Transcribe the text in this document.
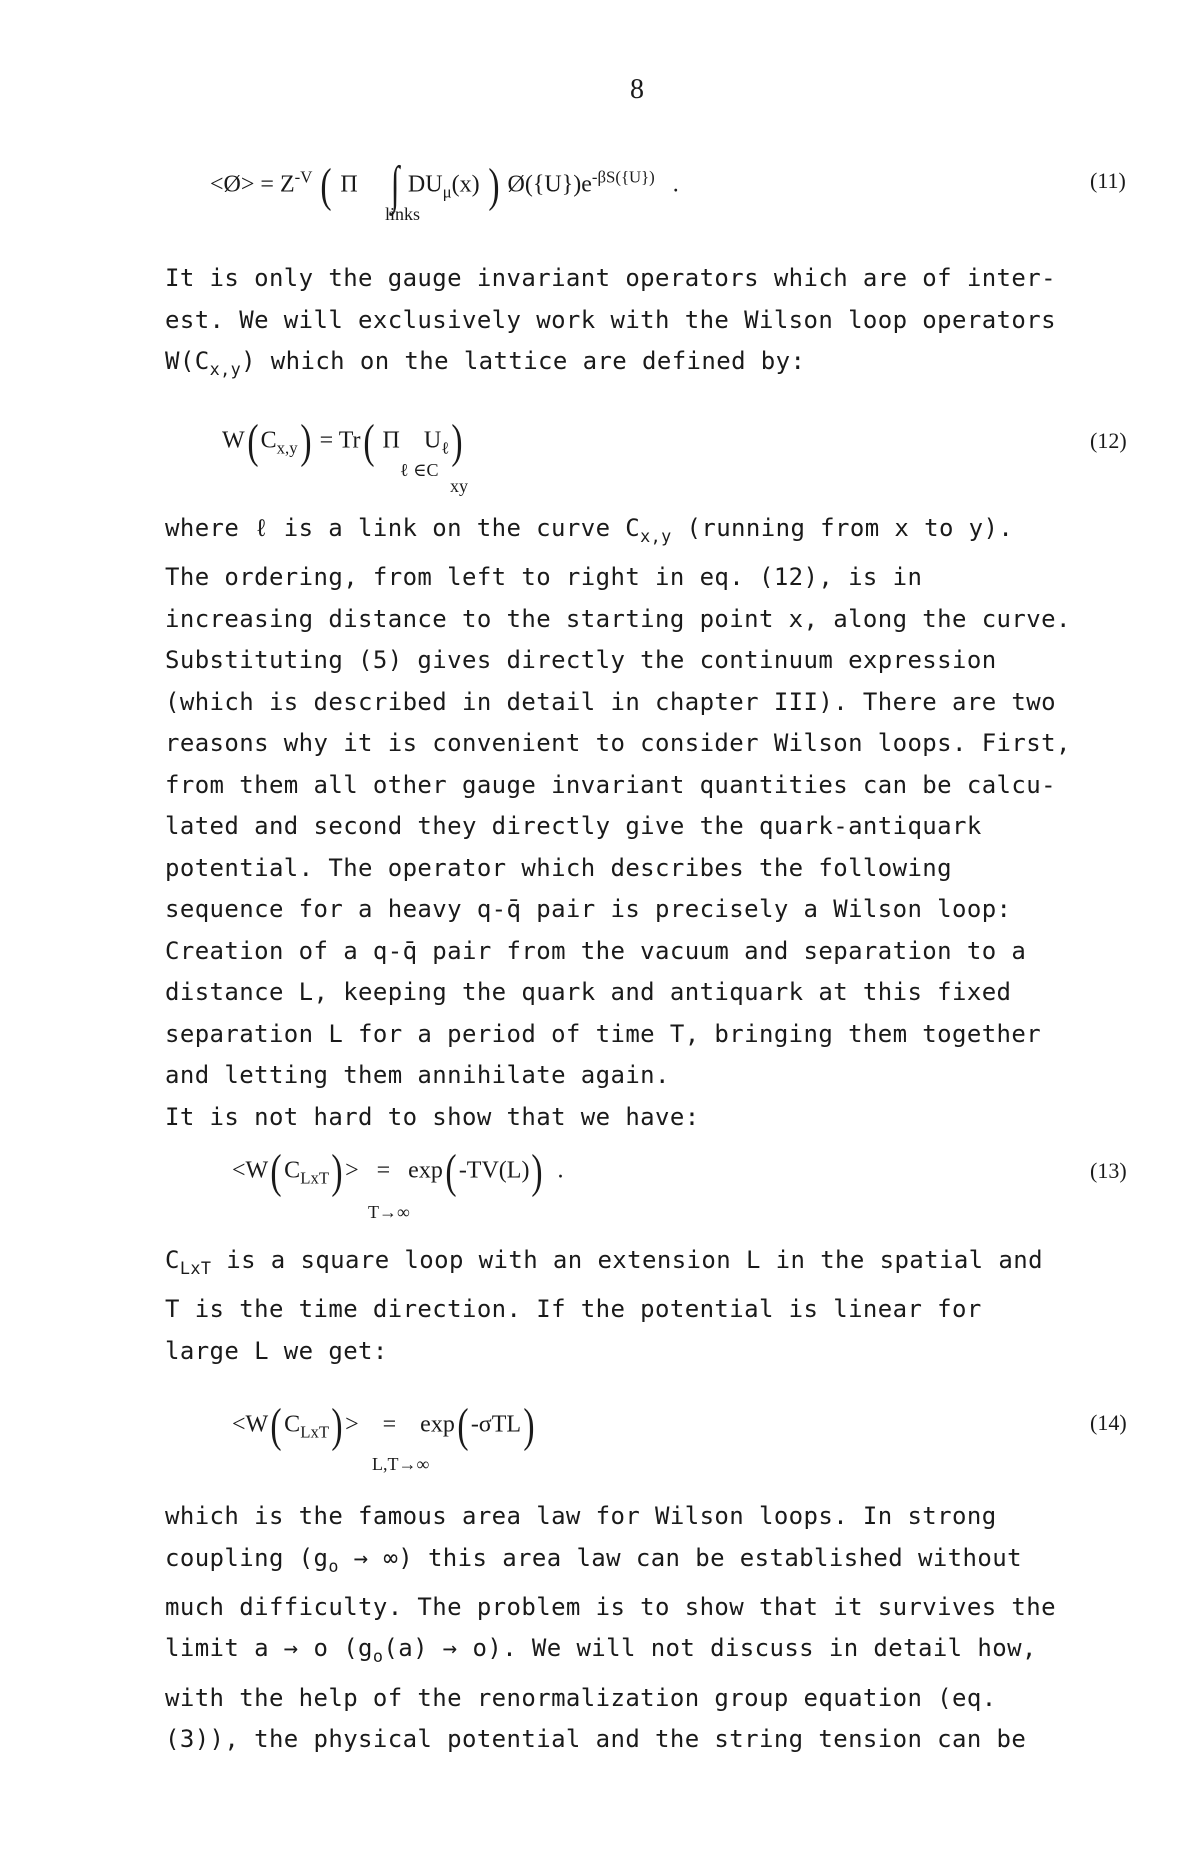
8
<Ø> = $Z^{-V}$ ( Π ∫ $DU_\mu(x)$ ) $Ø(\{U\})e^{-\beta S(\{U\})}$ .
links
(11)

It is only the gauge invariant operators which are of inter-

est. We will exclusively work with the Wilson loop operators

$W(C_{x,y})$ which on the lattice are defined by:

$W(C_{x,y}) = Tr$( Π $U_\ell$)
ℓ ∈C
xy
(12)

where ℓ is a link on the curve $C_{x,y}$ (running from x to y).

The ordering, from left to right in eq. (12), is in

increasing distance to the starting point x, along the curve.

Substituting (5) gives directly the continuum expression

(which is described in detail in chapter III). There are two

reasons why it is convenient to consider Wilson loops. First,

from them all other gauge invariant quantities can be calcu-

lated and second they directly give the quark-antiquark

potential. The operator which describes the following

sequence for a heavy q-q̄ pair is precisely a Wilson loop:

Creation of a q-q̄ pair from the vacuum and separation to a

distance L, keeping the quark and antiquark at this fixed

separation L for a period of time T, bringing them together

and letting them annihilate again.

It is not hard to show that we have:

$<W(C_{LxT})> = \exp(-TV(L))$ .
T→∞
(13)

$C_{LxT}$ is a square loop with an extension L in the spatial and

T is the time direction. If the potential is linear for

large L we get:

$<W(C_{LxT})> = \exp(-\sigma TL)$
L,T→∞
(14)

which is the famous area law for Wilson loops. In strong

coupling ($g_o$ → ∞) this area law can be established without

much difficulty. The problem is to show that it survives the

limit a → o $(g_o(a) \to o)$. We will not discuss in detail how,

with the help of the renormalization group equation (eq.

(3)), the physical potential and the string tension can be
